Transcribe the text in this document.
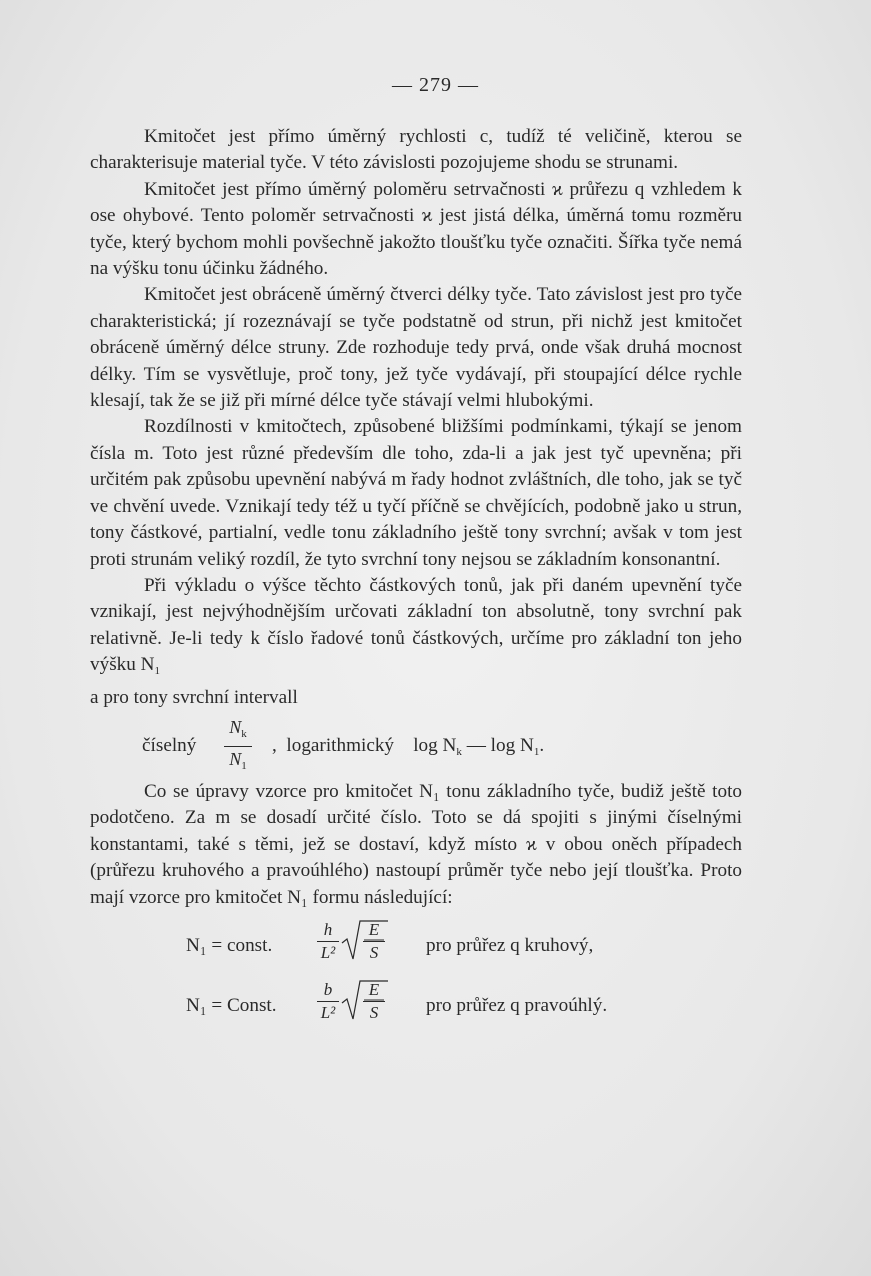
— 279 —

Kmitočet jest přímo úměrný rychlosti c, tudíž té veličině, kterou se charakterisuje material tyče. V této závislosti pozojujeme shodu se strunami.

Kmitočet jest přímo úměrný poloměru setrvačnosti ϰ průřezu q vzhledem k ose ohybové. Tento poloměr setrvačnosti ϰ jest jistá délka, úměrná tomu rozměru tyče, který bychom mohli povšechně jakožto tloušťku tyče označiti. Šířka tyče nemá na výšku tonu účinku žádného.

Kmitočet jest obráceně úměrný čtverci délky tyče. Tato závislost jest pro tyče charakteristická; jí rozeznávají se tyče podstatně od strun, při nichž jest kmitočet obráceně úměrný délce struny. Zde rozhoduje tedy prvá, onde však druhá mocnost délky. Tím se vysvětluje, proč tony, jež tyče vydávají, při stoupající délce rychle klesají, tak že se již při mírné délce tyče stávají velmi hlubokými.

Rozdílnosti v kmitočtech, způsobené bližšími podmínkami, týkají se jenom čísla m. Toto jest různé především dle toho, zda-li a jak jest tyč upevněna; při určitém pak způsobu upevnění nabývá m řady hodnot zvláštních, dle toho, jak se tyč ve chvění uvede. Vznikají tedy též u tyčí příčně se chvějících, podobně jako u strun, tony částkové, partialní, vedle tonu základního ještě tony svrchní; avšak v tom jest proti strunám veliký rozdíl, že tyto svrchní tony nejsou se základním konsonantní.

Při výkladu o výšce těchto částkových tonů, jak při daném upevnění tyče vznikají, jest nejvýhodnějším určovati základní ton absolutně, tony svrchní pak relativně. Je-li tedy k číslo řadové tonů částkových, určíme pro základní ton jeho výšku $N_1$

a pro tony svrchní intervall

číselný
$N_k$
$N_1$
, logarithmický $\log N_k$ — $\log N_1$.

Co se úpravy vzorce pro kmitočet N₁ tonu základního tyče, budiž ještě toto podotčeno. Za m se dosadí určité číslo. Toto se dá spojiti s jinými číselnými konstantami, také s těmi, jež se dostaví, když místo ϰ v obou oněch případech (průřezu kruhového a pravoúhlého) nastoupí průměr tyče nebo její tloušťka. Proto mají vzorce pro kmitočet N₁ formu následující:

N₁ = const.
h
L²
E
S	pro průřez q kruhový,
N₁ = Const.
b
L²
E
S	pro průřez q pravoúhlý.
